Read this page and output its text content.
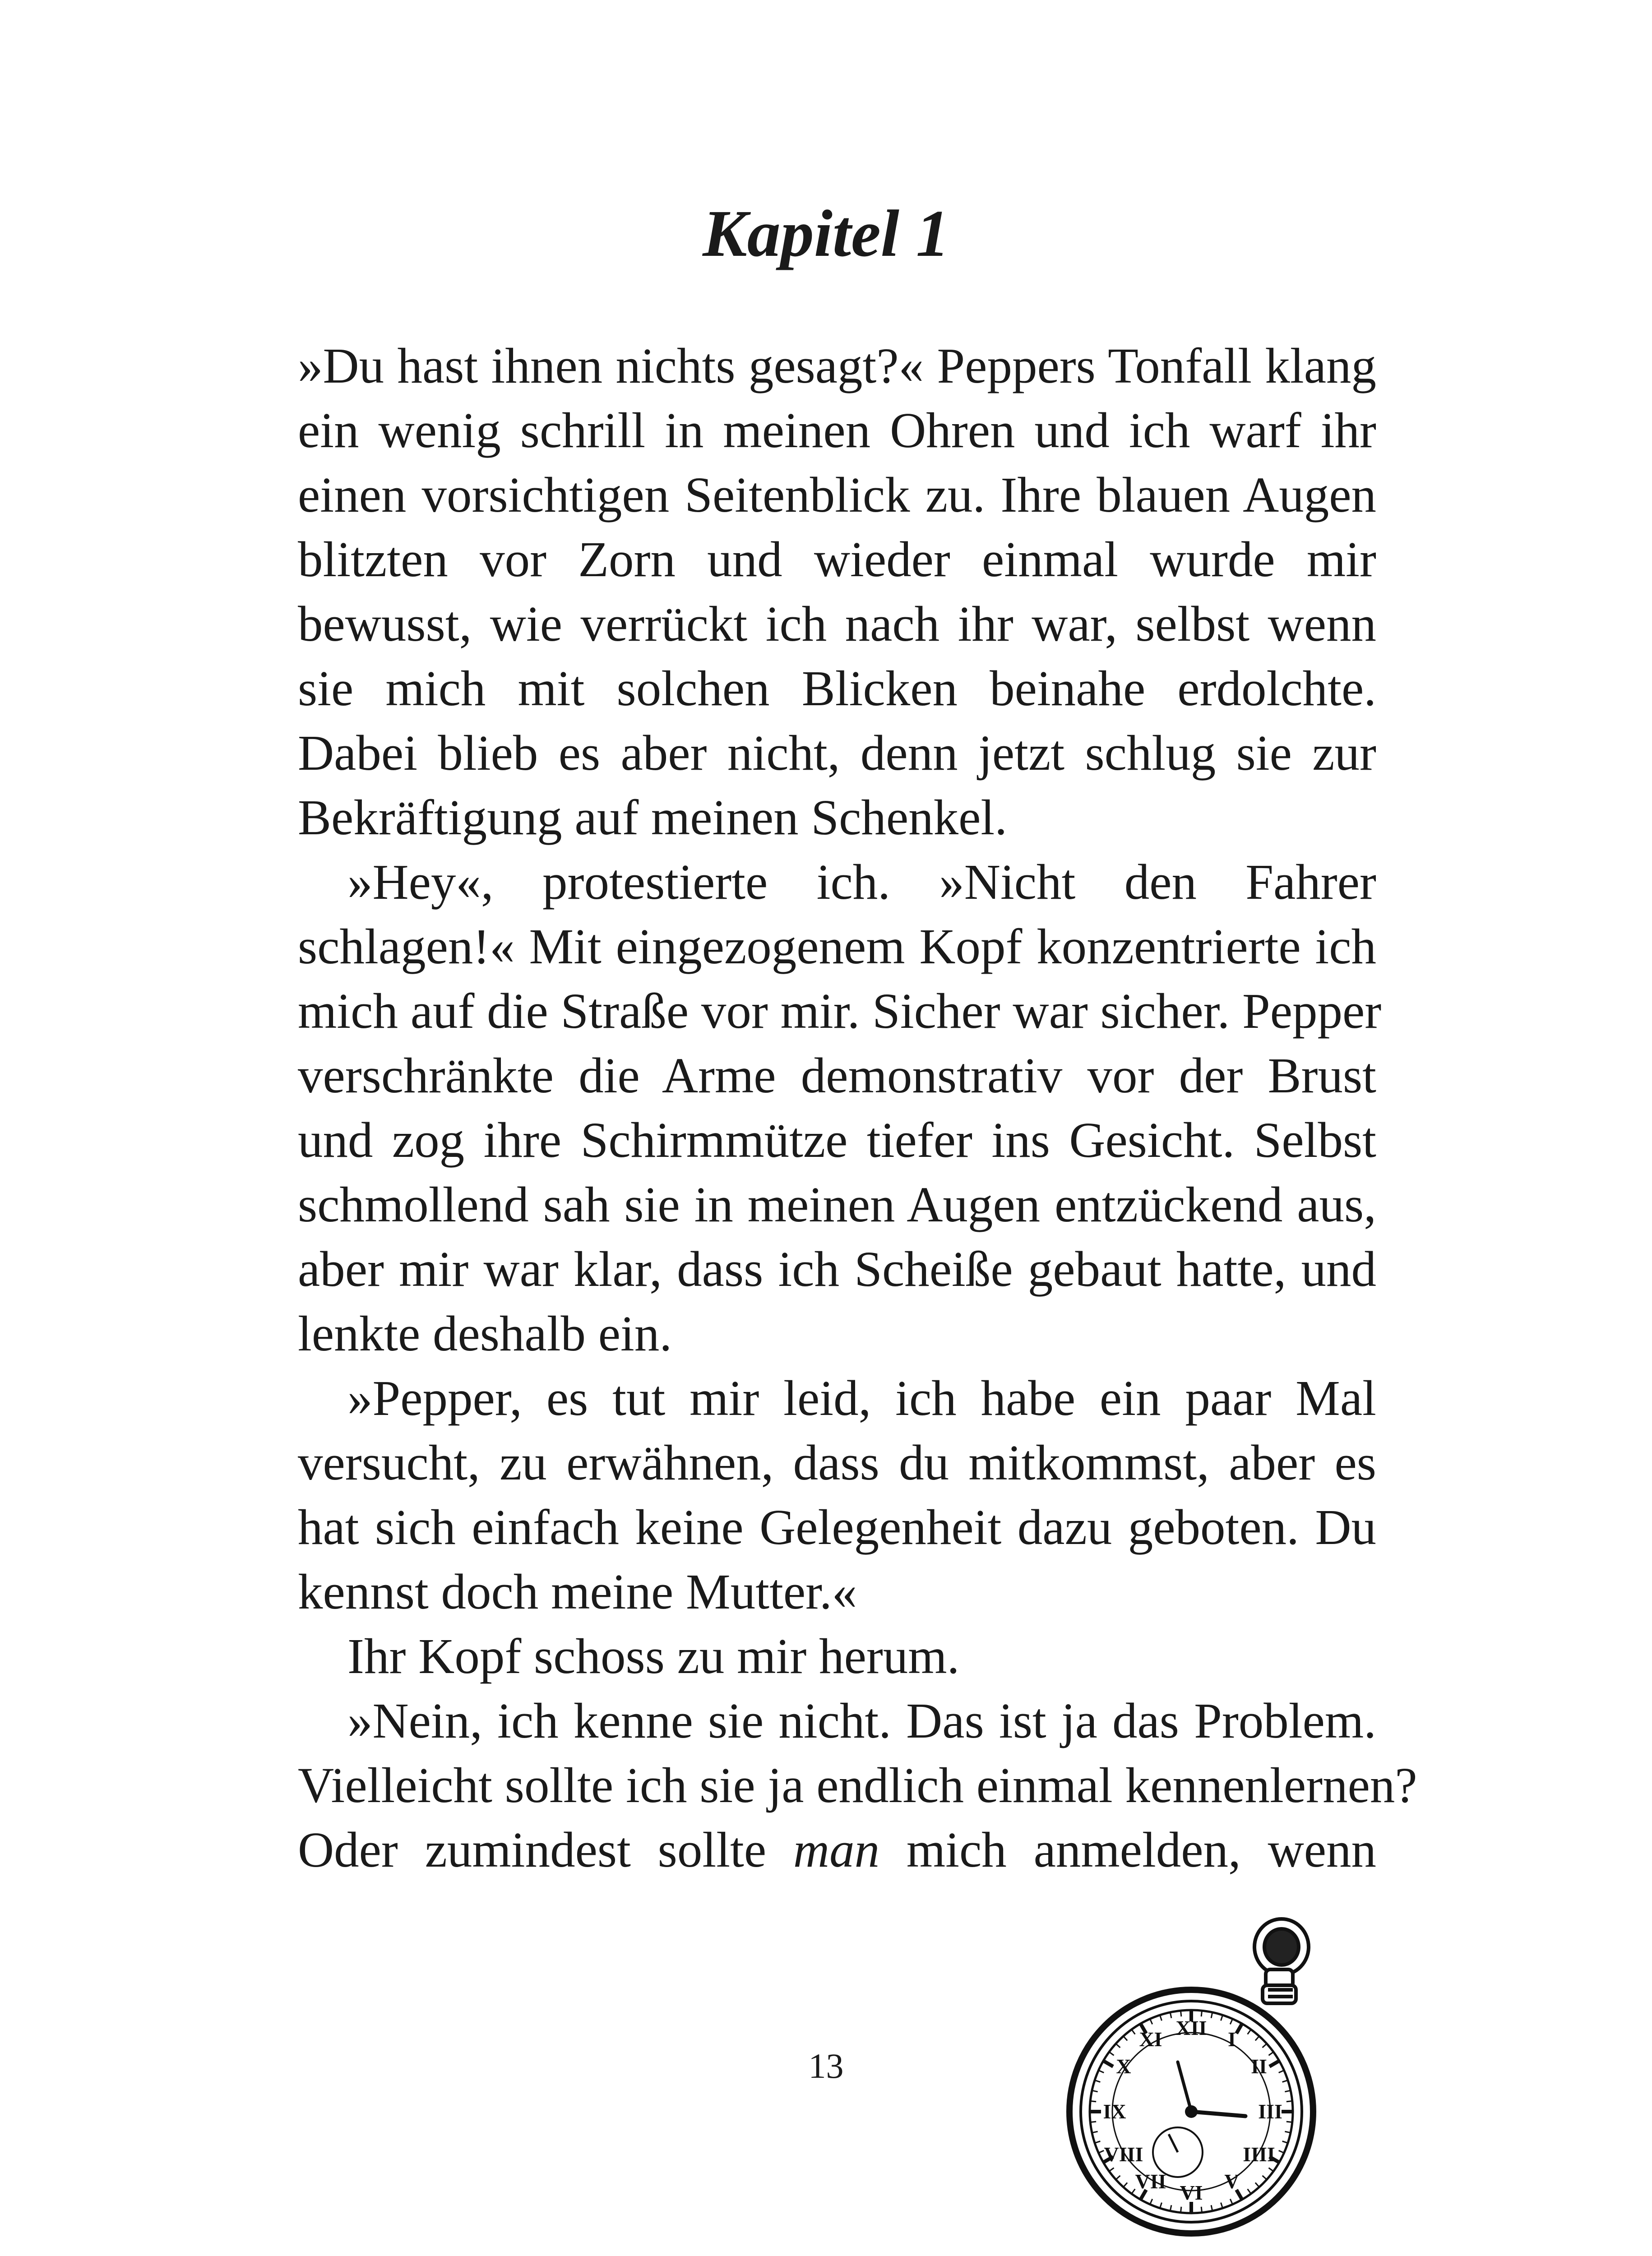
Kapitel 1
»Du hast ihnen nichts gesagt?« Peppers Tonfall klang
ein wenig schrill in meinen Ohren und ich warf ihr
einen vorsichtigen Seitenblick zu. Ihre blauen Augen
blitzten vor Zorn und wieder einmal wurde mir
bewusst, wie verrückt ich nach ihr war, selbst wenn
sie mich mit solchen Blicken beinahe erdolchte.
Dabei blieb es aber nicht, denn jetzt schlug sie zur
Bekräftigung auf meinen Schenkel.
»Hey«, protestierte ich. »Nicht den Fahrer
schlagen!« Mit eingezogenem Kopf konzentrierte ich
mich auf die Straße vor mir. Sicher war sicher. Pepper
verschränkte die Arme demonstrativ vor der Brust
und zog ihre Schirmmütze tiefer ins Gesicht. Selbst
schmollend sah sie in meinen Augen entzückend aus,
aber mir war klar, dass ich Scheiße gebaut hatte, und
lenkte deshalb ein.
»Pepper, es tut mir leid, ich habe ein paar Mal
versucht, zu erwähnen, dass du mitkommst, aber es
hat sich einfach keine Gelegenheit dazu geboten. Du
kennst doch meine Mutter.«
Ihr Kopf schoss zu mir herum.
»Nein, ich kenne sie nicht. Das ist ja das Problem.
Vielleicht sollte ich sie ja endlich einmal kennenlernen?
Oder zumindest sollte man mich anmelden, wenn
13
XII I
II
III
IIII
V
VI
VII
VIII
IX
X
XI
